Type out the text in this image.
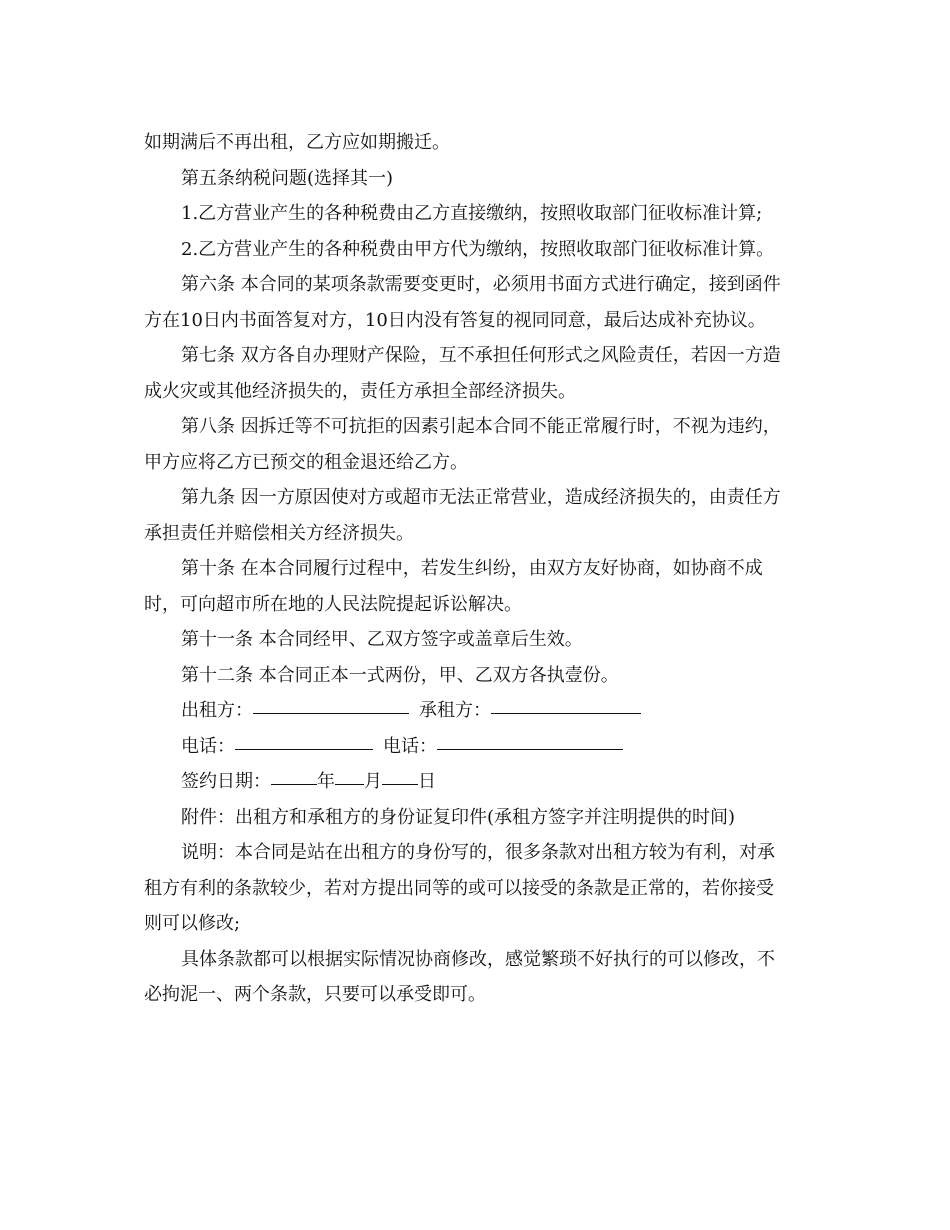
如期满后不再出租，乙方应如期搬迁。
第五条纳税问题(选择其一)
1.乙方营业产生的各种税费由乙方直接缴纳，按照收取部门征收标准计算;
2.乙方营业产生的各种税费由甲方代为缴纳，按照收取部门征收标准计算。
第六条 本合同的某项条款需要变更时，必须用书面方式进行确定，接到函件
方在10日内书面答复对方，10日内没有答复的视同同意，最后达成补充协议。
第七条 双方各自办理财产保险，互不承担任何形式之风险责任，若因一方造
成火灾或其他经济损失的，责任方承担全部经济损失。
第八条 因拆迁等不可抗拒的因素引起本合同不能正常履行时，不视为违约，
甲方应将乙方已预交的租金退还给乙方。
第九条 因一方原因使对方或超市无法正常营业，造成经济损失的，由责任方
承担责任并赔偿相关方经济损失。
第十条 在本合同履行过程中，若发生纠纷，由双方友好协商，如协商不成
时，可向超市所在地的人民法院提起诉讼解决。
第十一条 本合同经甲、乙双方签字或盖章后生效。
第十二条 本合同正本一式两份，甲、乙双方各执壹份。
出租方：	承租方：
电话：	电话：
签约日期：	年 月 日
附件：出租方和承租方的身份证复印件(承租方签字并注明提供的时间)
说明：本合同是站在出租方的身份写的，很多条款对出租方较为有利，对承
租方有利的条款较少，若对方提出同等的或可以接受的条款是正常的，若你接受
则可以修改;
具体条款都可以根据实际情况协商修改，感觉繁琐不好执行的可以修改，不
必拘泥一、两个条款，只要可以承受即可。
